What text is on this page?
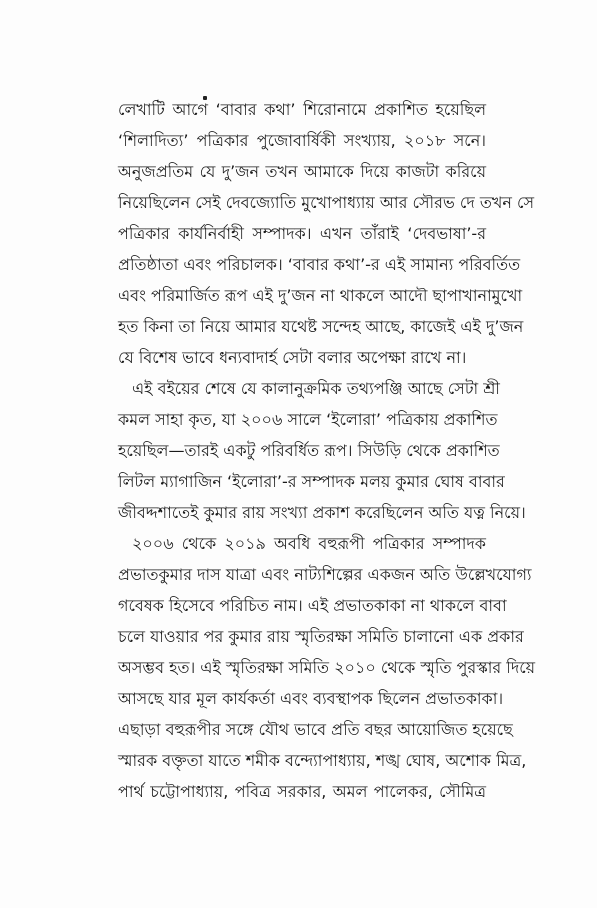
লেখাটি আগে ‘বাবার কথা’ শিরোনামে প্রকাশিত হয়েছিল
‘শিলাদিত্য’ পত্রিকার পুজোবার্ষিকী সংখ্যায়, ২০১৮ সনে।
অনুজপ্রতিম যে দু’জন তখন আমাকে দিয়ে কাজটা করিয়ে
নিয়েছিলেন সেই দেবজ্যোতি মুখোপাধ্যায় আর সৌরভ দে তখন সে
পত্রিকার কার্যনির্বাহী সম্পাদক। এখন তাঁরাই ‘দেবভাষা’-র
প্রতিষ্ঠাতা এবং পরিচালক। ‘বাবার কথা’-র এই সামান্য পরিবর্তিত
এবং পরিমার্জিত রূপ এই দু’জন না থাকলে আদৌ ছাপাখানামুখো
হত কিনা তা নিয়ে আমার যথেষ্ট সন্দেহ আছে, কাজেই এই দু’জন
যে বিশেষ ভাবে ধন্যবাদার্হ সেটা বলার অপেক্ষা রাখে না।
এই বইয়ের শেষে যে কালানুক্রমিক তথ্যপঞ্জি আছে সেটা শ্রী
কমল সাহা কৃত, যা ২০০৬ সালে ‘ইলোরা’ পত্রিকায় প্রকাশিত
হয়েছিল—তারই একটু পরিবর্ধিত রূপ। সিউড়ি থেকে প্রকাশিত
লিটল ম্যাগাজিন ‘ইলোরা’-র সম্পাদক মলয় কুমার ঘোষ বাবার
জীবদ্দশাতেই কুমার রায় সংখ্যা প্রকাশ করেছিলেন অতি যত্ন নিয়ে।
২০০৬ থেকে ২০১৯ অবধি বহুরূপী পত্রিকার সম্পাদক
প্রভাতকুমার দাস যাত্রা এবং নাট্যশিল্পের একজন অতি উল্লেখযোগ্য
গবেষক হিসেবে পরিচিত নাম। এই প্রভাতকাকা না থাকলে বাবা
চলে যাওয়ার পর কুমার রায় স্মৃতিরক্ষা সমিতি চালানো এক প্রকার
অসম্ভব হত। এই স্মৃতিরক্ষা সমিতি ২০১০ থেকে স্মৃতি পুরস্কার দিয়ে
আসছে যার মূল কার্যকর্তা এবং ব্যবস্থাপক ছিলেন প্রভাতকাকা।
এছাড়া বহুরূপীর সঙ্গে যৌথ ভাবে প্রতি বছর আয়োজিত হয়েছে
স্মারক বক্তৃতা যাতে শমীক বন্দ্যোপাধ্যায়, শঙ্খ ঘোষ, অশোক মিত্র,
পার্থ চট্টোপাধ্যায়, পবিত্র সরকার, অমল পালেকর, সৌমিত্র
